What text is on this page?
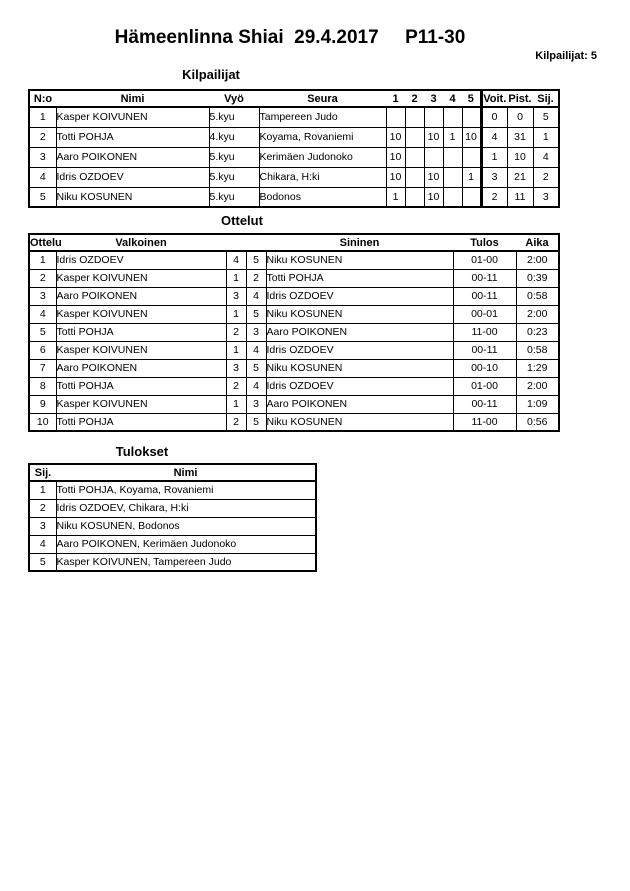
Hämeenlinna Shiai  29.4.2017     P11-30
Kilpailijat: 5
Kilpailijat
N:o	Nimi	Vyö	Seura	1	2	3	4	5	Voit.	Pist.	Sij.
1	Kasper KOIVUNEN	5.kyu	Tampereen Judo						0	0	5
2	Totti POHJA	4.kyu	Koyama, Rovaniemi	10		10	1	10	4	31	1
3	Aaro POIKONEN	5.kyu	Kerimäen Judonoko	10					1	10	4
4	Idris OZDOEV	5.kyu	Chikara, H:ki	10		10		1	3	21	2
5	Niku KOSUNEN	5.kyu	Bodonos	1		10			2	11	3
Ottelut
Ottelu	Valkoinen			Sininen	Tulos	Aika
1	Idris OZDOEV	4	5	Niku KOSUNEN	01-00	2:00
2	Kasper KOIVUNEN	1	2	Totti POHJA	00-11	0:39
3	Aaro POIKONEN	3	4	Idris OZDOEV	00-11	0:58
4	Kasper KOIVUNEN	1	5	Niku KOSUNEN	00-01	2:00
5	Totti POHJA	2	3	Aaro POIKONEN	11-00	0:23
6	Kasper KOIVUNEN	1	4	Idris OZDOEV	00-11	0:58
7	Aaro POIKONEN	3	5	Niku KOSUNEN	00-10	1:29
8	Totti POHJA	2	4	Idris OZDOEV	01-00	2:00
9	Kasper KOIVUNEN	1	3	Aaro POIKONEN	00-11	1:09
10	Totti POHJA	2	5	Niku KOSUNEN	11-00	0:56
Tulokset
Sij.	Nimi
1	Totti POHJA, Koyama, Rovaniemi
2	Idris OZDOEV, Chikara, H:ki
3	Niku KOSUNEN, Bodonos
4	Aaro POIKONEN, Kerimäen Judonoko
5	Kasper KOIVUNEN, Tampereen Judo
